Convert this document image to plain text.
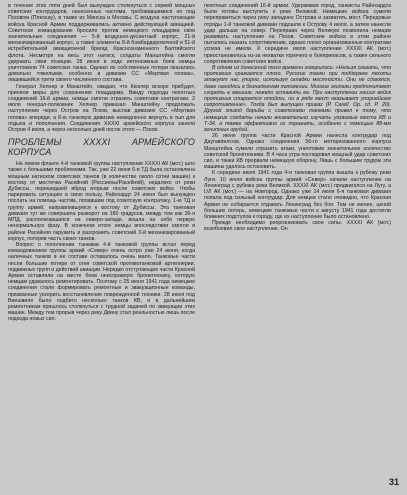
в течение этих пяти дней был вынужден столкнуться с серией мощных советских контрударов, нанесенных частями, требовавшимися но под Псковом (Плескау), в также из Минска и Москвы. С воздуха наступающие войска Красной Армии поддерживались активно действующей авиацией. Советское командование бросило против немецкого плацдарма свои значительные соединения — 5-й воздушно-десантный корпус, 21-й механизированный корпус, а также элементы 8-й бомбардировочной и 51-й истребительной авиационной бригад Краснознаменного Балтийского флота. Несмотря на весь этот натиск, солдаты Манштейна смогли удержать свои позиции. 28 июня в ходе интенсивных боев немцы уничтожили 74 советских танка. Однако их собственные потери оказались довольно тяжелыми, особенно в дивизии СС «Мертвая голова», лишившейся трети своего численного состава.

Генерал Хепнер и Манштейн, ожидая, что Кюхлер вскоре прибудет, приняли меры для сохранения плацдарма. Ввиду подхода пехотных соединений 16-й армии, немцы смогли отразить советские контратаки. 2 июля генерал-полковник Хепнер приказал Манштейну продолжать наступление через Остров на Псков, выслав дивизию СС «Мертвая голова» впереди, а 8-ю танковую дивизию немедленно вернуть в тыл для отдыха и пополнения. Соединения XXXXI армейского корпуса заняли Остров 4 июля, а через несколько дней после этого — Псков.

ПРОБЛЕМЫ XXXXI АРМЕЙСКОГО КОРПУСА

На левом фланге 4-й танковой группы наступление XXXXI АК (мот.) шло также с большими проблемами. Так, уже 22 июня 6-я ТД была остановлена мощным натиском советских танков (в количестве около сотни машин) к востоку от местечка Расейняй (Россиены/Расейняй), недалеко от реки Дубиссы, перешедшей вброд вторым после советских войск. Чтобы парировать ситуацию в свою пользу, Райнхардт 24 июня был вынужден послать на помощь частям, попавшим под советскую контратаку, 1-ю ТД и группу армий, направлявшуюся к востоку от Дубиссы. Эта танковая дивизия тут же совершила разворот на 180 градусов, между тем как 36-я МПД, располагавшаяся на северо-западе, вошла на себя первую ненормальную фазу. В конечном итоге немцы впоследствии смогли в районе Расейняя окружить и разгромить советский 3-й механизированный корпус, потеряв часть своих танков.

Вопрос о пополнении танками 4-й танковой группы встал перед командованием группы армий «Север» очень остро уже 24 июня, когда наличных танков в ее составе оставалось очень мало. Танковые части несли большие потери от огня советской противотанковой артиллерии, подвижных групп и действий авиации. Нередко отступающие части Красной Армии оставляли на месте боев неисправную бронетехнику, которую немцам удавалось ремонтировать. Поэтому с 25 июня 1941 года немецкие соединения стали формировать ремонтные и эвакуационные команды, призванные ускорить восстановление поврежденной техники. 28 июня под Виешвиле было подбито несколько танков КВ, и в дальнейшем ремонтникам пришлось столкнуться с трудной задачей по эвакуации этих машин. Между тем прорыв через реку Двину стал реальностью лишь после подхода новых сил.

пехотных соединений 16-й армии. Удерживая город, танкисты Райнхардта были готовы выступить к реке Великой. Немецкие войска сумели переправиться через реку западнее Острова и захватить мост. Передовые отряды 1-й танковой дивизии подошли к Острову 4 июля, а затем нанесли удар дальше на север. Переправа через Великую позволила немцам развивать наступление на Псков. Советские войска в этом районе пытались оказать сопротивление, однако плохо организованные контратаки успеха не имели. К середине июля наступление XXXXI АК (мот.) приостановилось из-за нехватки горючего и боеприпасов, а также сильного сопротивления советских войск.

В одном из донесений того времени говорилось: «Нельзя сказать, что противник сражается плохо. Русские танки при поддержке пехоты атакуют нас упорно, используя складки местности. Они не сдаются, даже находясь в безнадежном положении. Многие экипажи предпочитают сгореть в машине, нежели оставить ее. При наступлении наших войск противник старается отойти, но в ряде мест оказывает упорнейшее сопротивление». Тогда был выпущен приказ (Р. Carell. Op. cit. P. 20). Другой эпизод борьбы с советскими танками привел к тому, что немецкие солдаты начали внимательно изучать уязвимые места КВ и Т-34, а также эффективно их поражать, особенно с помощью 88-мм зенитных орудий.

26 июня группа части Красной Армии нанесла контрудар под Даугавпилсом. Однако соединения 56-го моторизованного корпуса Манштейна сумели отразить атаки, уничтожив значительное количество советской бронетехники. В 4 часа утра последовал мощный удар советских сил, и танки КВ прорвали немецкую оборону. Лишь с большим трудом эти машины удалось остановить.

К середине июля 1941 года 4-я танковая группа вышла к рубежу реки Луги. 10 июля войска группы армий «Север» начали наступление на Ленинград с рубежа реки Великой. XXXXI АК (мот.) продвигался на Лугу, а LVI АК (мот.) — на Новгород. Однако уже 14 июля 6-я танковая дивизия попала под сильный контрудар. Для немцев стало очевидно, что Красная Армия не собирается отдавать Ленинград без боя. Тем не менее, ценой больших потерь, немецкие танковые части к августу 1941 года достигли ближних подступов к городу, где их наступление было остановлено.

Прежде необходимо реорганизовать свои силы, XXXXI АК (мот.) возобновил свое наступление. Он

31
